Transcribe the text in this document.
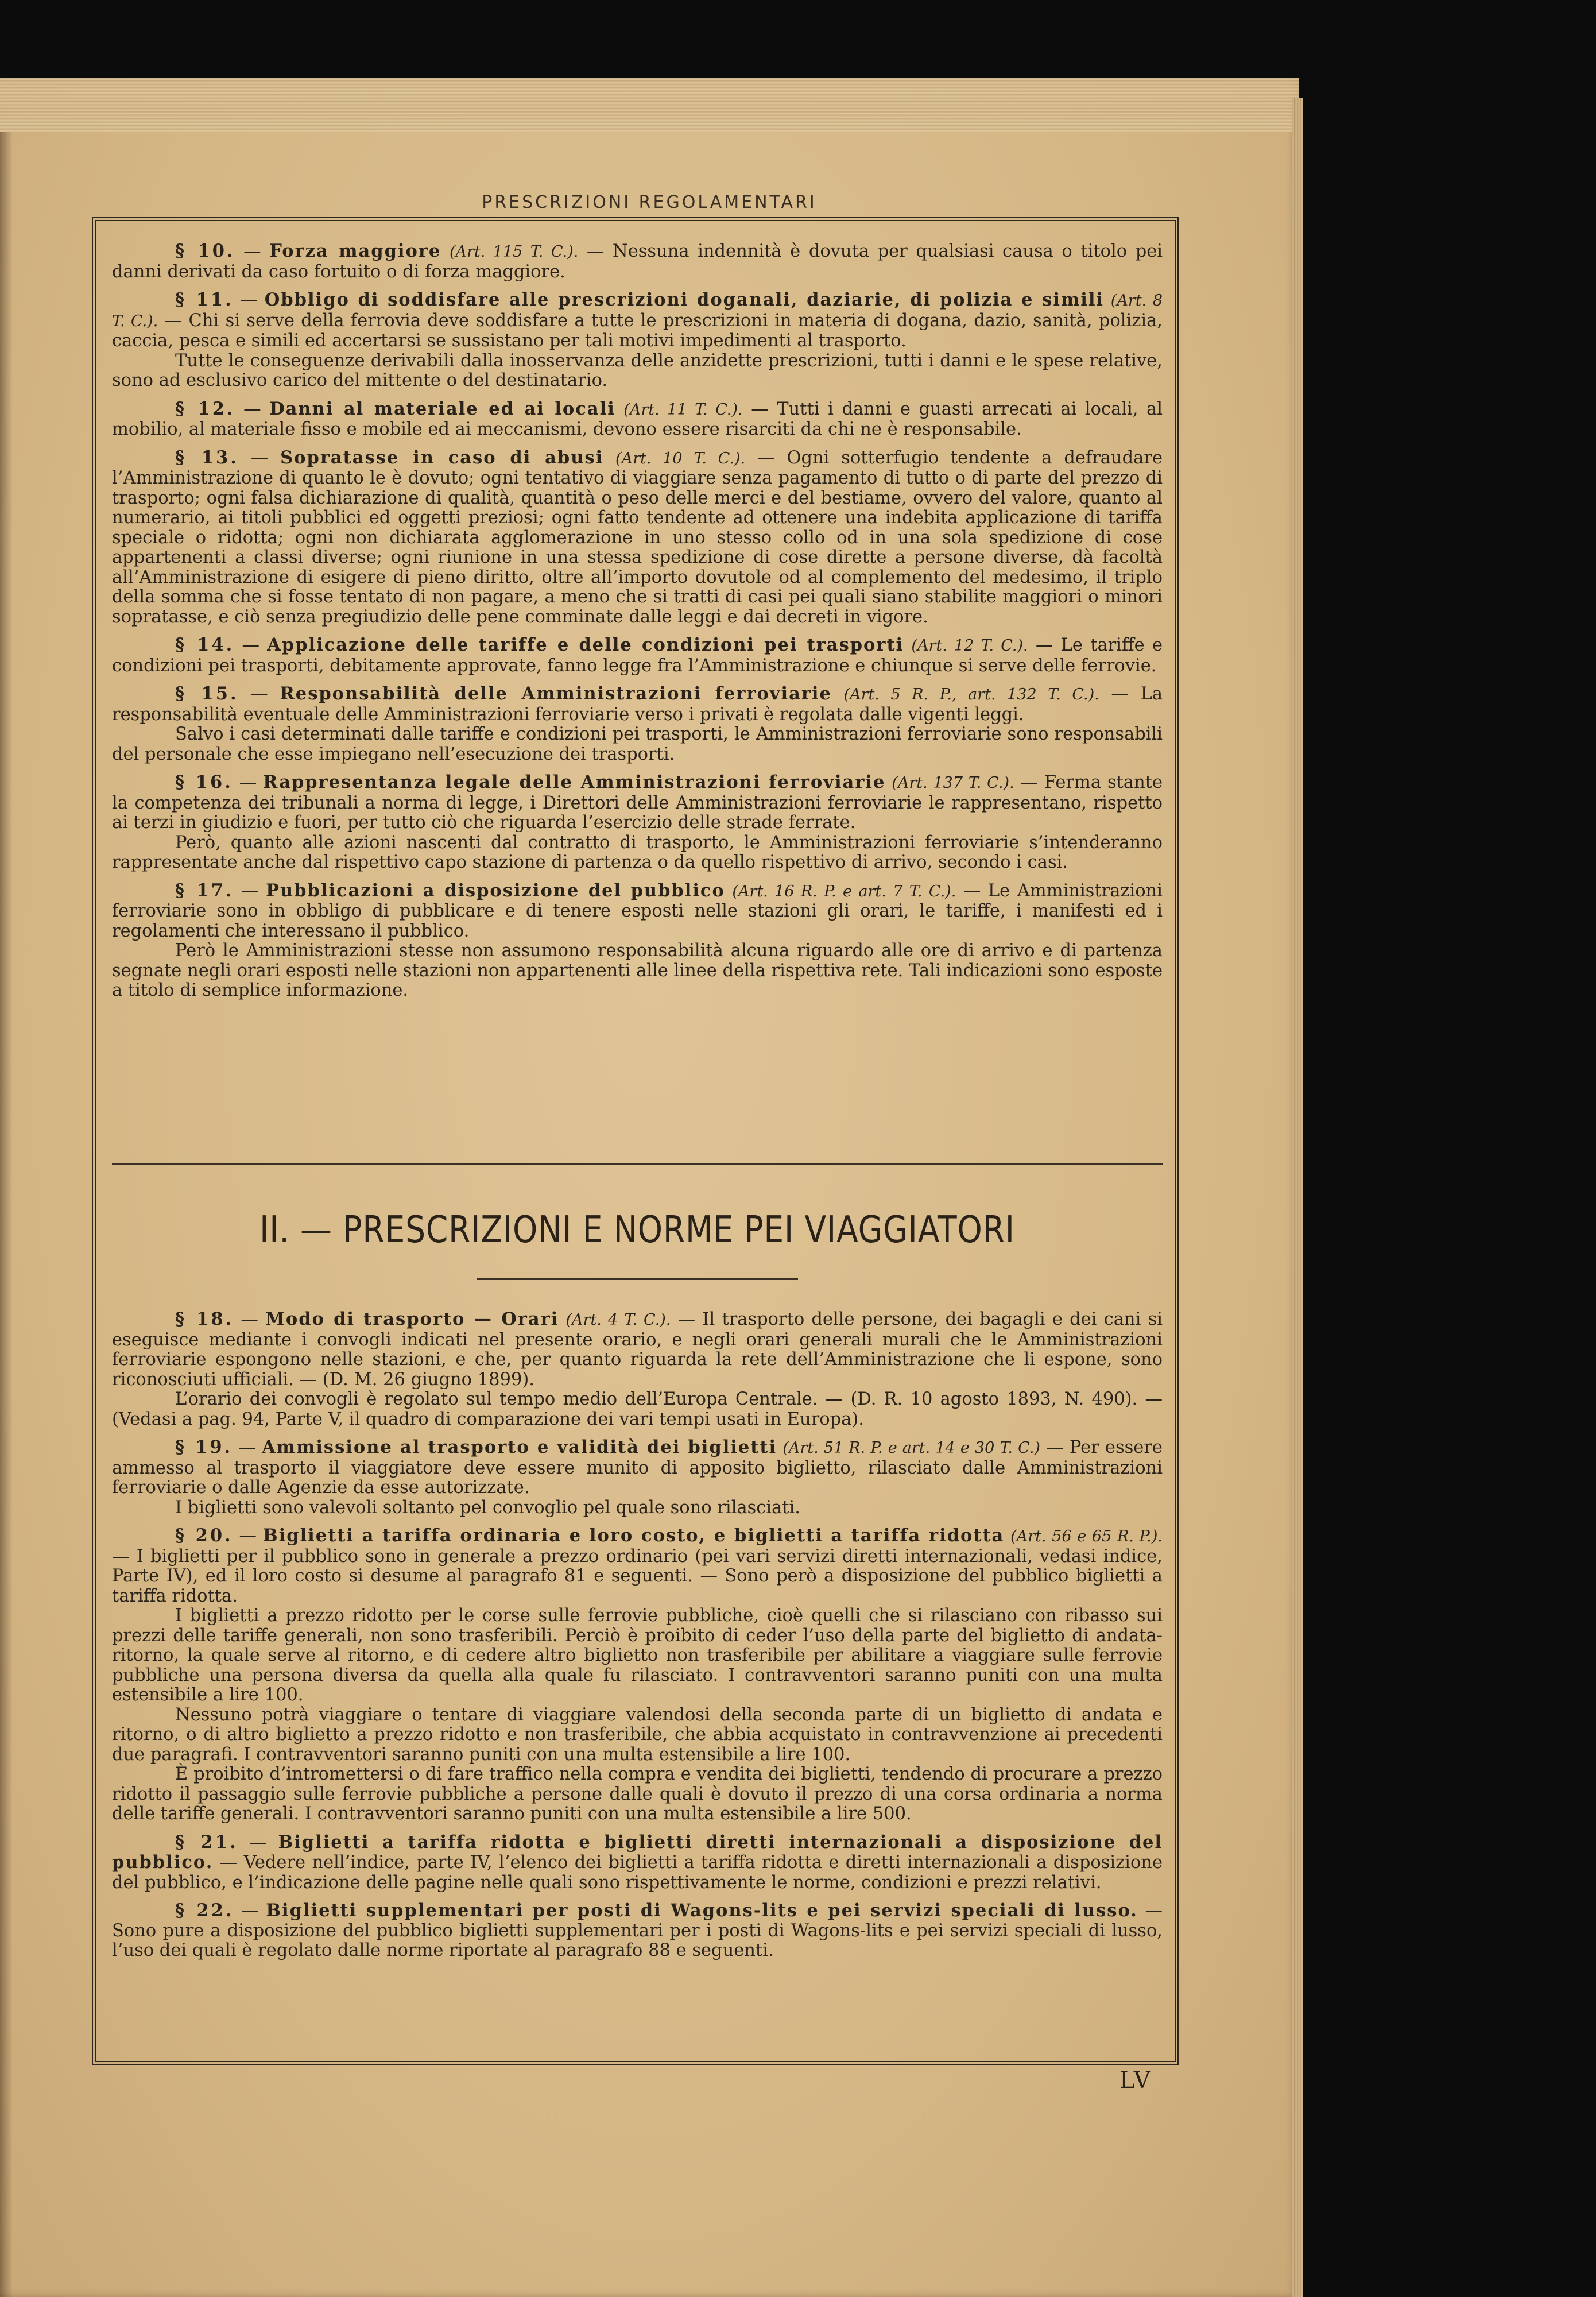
PRESCRIZIONI REGOLAMENTARI

§ 10. — Forza maggiore (Art. 115 T. C.). — Nessuna indennità è dovuta per qualsiasi causa o titolo pei danni derivati da caso fortuito o di forza maggiore.

§ 11. — Obbligo di soddisfare alle prescrizioni doganali, daziarie, di polizia e simili (Art. 8 T. C.). — Chi si serve della ferrovia deve soddisfare a tutte le prescrizioni in materia di dogana, dazio, sanità, polizia, caccia, pesca e simili ed accertarsi se sussistano per tali motivi impedimenti al trasporto.

Tutte le conseguenze derivabili dalla inosservanza delle anzidette prescrizioni, tutti i danni e le spese relative, sono ad esclusivo carico del mittente o del destinatario.

§ 12. — Danni al materiale ed ai locali (Art. 11 T. C.). — Tutti i danni e guasti arrecati ai locali, al mobilio, al materiale fisso e mobile ed ai meccanismi, devono essere risarciti da chi ne è responsabile.

§ 13. — Sopratasse in caso di abusi (Art. 10 T. C.). — Ogni sotterfugio tendente a defraudare l’Amministrazione di quanto le è dovuto; ogni tentativo di viaggiare senza pagamento di tutto o di parte del prezzo di trasporto; ogni falsa dichiarazione di qualità, quantità o peso delle merci e del bestiame, ovvero del valore, quanto al numerario, ai titoli pubblici ed oggetti preziosi; ogni fatto tendente ad ottenere una indebita applicazione di tariffa speciale o ridotta; ogni non dichiarata agglomerazione in uno stesso collo od in una sola spedizione di cose appartenenti a classi diverse; ogni riunione in una stessa spedizione di cose dirette a persone diverse, dà facoltà all’Amministrazione di esigere di pieno diritto, oltre all’importo dovutole od al complemento del medesimo, il triplo della somma che si fosse tentato di non pagare, a meno che si tratti di casi pei quali siano stabilite maggiori o minori sopratasse, e ciò senza pregiudizio delle pene comminate dalle leggi e dai decreti in vigore.

§ 14. — Applicazione delle tariffe e delle condizioni pei trasporti (Art. 12 T. C.). — Le tariffe e condizioni pei trasporti, debitamente approvate, fanno legge fra l’Amministrazione e chiunque si serve delle ferrovie.

§ 15. — Responsabilità delle Amministrazioni ferroviarie (Art. 5 R. P., art. 132 T. C.). — La responsabilità eventuale delle Amministrazioni ferroviarie verso i privati è regolata dalle vigenti leggi.

Salvo i casi determinati dalle tariffe e condizioni pei trasporti, le Amministrazioni ferroviarie sono responsabili del personale che esse impiegano nell’esecuzione dei trasporti.

§ 16. — Rappresentanza legale delle Amministrazioni ferroviarie (Art. 137 T. C.). — Ferma stante la competenza dei tribunali a norma di legge, i Direttori delle Amministrazioni ferroviarie le rappresentano, rispetto ai terzi in giudizio e fuori, per tutto ciò che riguarda l’esercizio delle strade ferrate.

Però, quanto alle azioni nascenti dal contratto di trasporto, le Amministrazioni ferroviarie s’intenderanno rappresentate anche dal rispettivo capo stazione di partenza o da quello rispettivo di arrivo, secondo i casi.

§ 17. — Pubblicazioni a disposizione del pubblico (Art. 16 R. P. e art. 7 T. C.). — Le Amministrazioni ferroviarie sono in obbligo di pubblicare e di tenere esposti nelle stazioni gli orari, le tariffe, i manifesti ed i regolamenti che interessano il pubblico.

Però le Amministrazioni stesse non assumono responsabilità alcuna riguardo alle ore di arrivo e di partenza segnate negli orari esposti nelle stazioni non appartenenti alle linee della rispettiva rete. Tali indicazioni sono esposte a titolo di semplice informazione.

II. — PRESCRIZIONI E NORME PEI VIAGGIATORI

§ 18. — Modo di trasporto — Orari (Art. 4 T. C.). — Il trasporto delle persone, dei bagagli e dei cani si eseguisce mediante i convogli indicati nel presente orario, e negli orari generali murali che le Amministrazioni ferroviarie espongono nelle stazioni, e che, per quanto riguarda la rete dell’Amministrazione che li espone, sono riconosciuti ufficiali. — (D. M. 26 giugno 1899).

L’orario dei convogli è regolato sul tempo medio dell’Europa Centrale. — (D. R. 10 agosto 1893, N. 490). — (Vedasi a pag. 94, Parte V, il quadro di comparazione dei vari tempi usati in Europa).

§ 19. — Ammissione al trasporto e validità dei biglietti (Art. 51 R. P. e art. 14 e 30 T. C.) — Per essere ammesso al trasporto il viaggiatore deve essere munito di apposito biglietto, rilasciato dalle Amministrazioni ferroviarie o dalle Agenzie da esse autorizzate.

I biglietti sono valevoli soltanto pel convoglio pel quale sono rilasciati.

§ 20. — Biglietti a tariffa ordinaria e loro costo, e biglietti a tariffa ridotta (Art. 56 e 65 R. P.). — I biglietti per il pubblico sono in generale a prezzo ordinario (pei vari servizi diretti internazionali, vedasi indice, Parte IV), ed il loro costo si desume al paragrafo 81 e seguenti. — Sono però a disposizione del pubblico biglietti a tariffa ridotta.

I biglietti a prezzo ridotto per le corse sulle ferrovie pubbliche, cioè quelli che si rilasciano con ribasso sui prezzi delle tariffe generali, non sono trasferibili. Perciò è proibito di ceder l’uso della parte del biglietto di andata-ritorno, la quale serve al ritorno, e di cedere altro biglietto non trasferibile per abilitare a viaggiare sulle ferrovie pubbliche una persona diversa da quella alla quale fu rilasciato. I contravventori saranno puniti con una multa estensibile a lire 100.

Nessuno potrà viaggiare o tentare di viaggiare valendosi della seconda parte di un biglietto di andata e ritorno, o di altro biglietto a prezzo ridotto e non trasferibile, che abbia acquistato in contravvenzione ai precedenti due paragrafi. I contravventori saranno puniti con una multa estensibile a lire 100.

È proibito d’intromettersi o di fare traffico nella compra e vendita dei biglietti, tendendo di procurare a prezzo ridotto il passaggio sulle ferrovie pubbliche a persone dalle quali è dovuto il prezzo di una corsa ordinaria a norma delle tariffe generali. I contravventori saranno puniti con una multa estensibile a lire 500.

§ 21. — Biglietti a tariffa ridotta e biglietti diretti internazionali a disposizione del pubblico. — Vedere nell’indice, parte IV, l’elenco dei biglietti a tariffa ridotta e diretti internazionali a disposizione del pubblico, e l’indicazione delle pagine nelle quali sono rispettivamente le norme, condizioni e prezzi relativi.

§ 22. — Biglietti supplementari per posti di Wagons-lits e pei servizi speciali di lusso. — Sono pure a disposizione del pubblico biglietti supplementari per i posti di Wagons-lits e pei servizi speciali di lusso, l’uso dei quali è regolato dalle norme riportate al paragrafo 88 e seguenti.

LV
